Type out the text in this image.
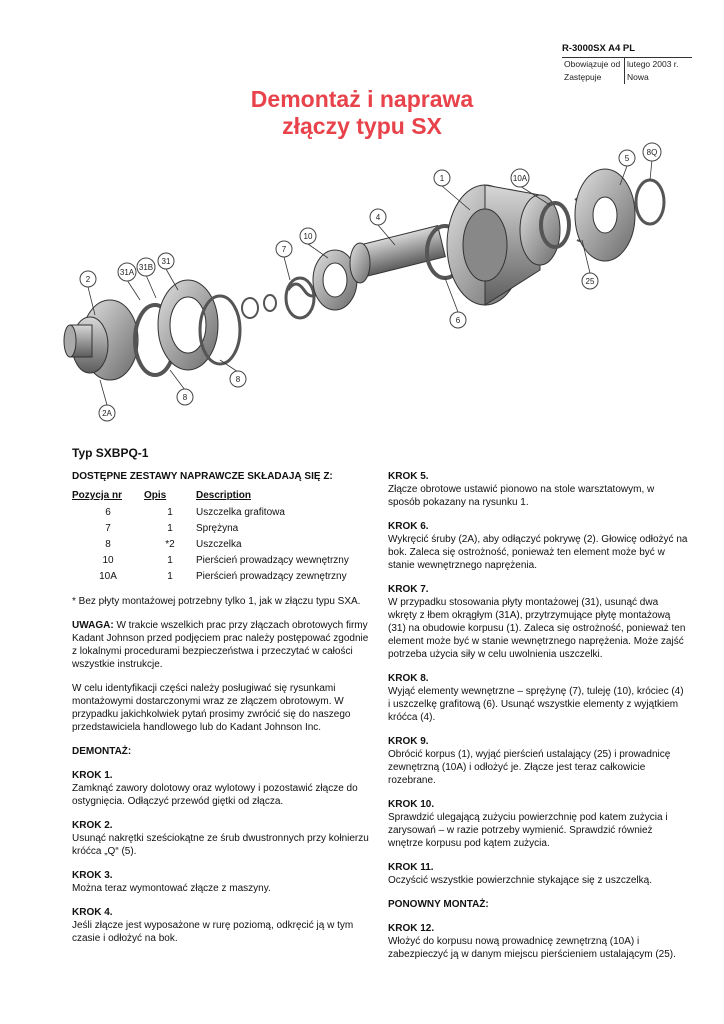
R-3000SX A4 PL
Obowiązuje od	lutego 2003 r.
Zastępuje	Nowa
Demontaż i naprawa
złączy typu SX
1
2
2A
4
5
6
7
8
8
8Q
10
10A
25
31
31A
31B
Typ SXBPQ-1
DOSTĘPNE ZESTAWY NAPRAWCZE SKŁADAJĄ SIĘ Z:
Pozycja nr	Opis	Description
6	1	Uszczelka grafitowa
7	1	Sprężyna
8	*2	Uszczelka
10	1	Pierścień prowadzący wewnętrzny
10A	1	Pierścień prowadzący zewnętrzny

* Bez płyty montażowej potrzebny tylko 1, jak w złączu typu SXA.

UWAGA: W trakcie wszelkich prac przy złączach obrotowych firmy Kadant Johnson przed podjęciem prac należy postępować zgodnie z lokalnymi procedurami bezpieczeństwa i przeczytać w całości wszystkie instrukcje.

W celu identyfikacji części należy posługiwać się rysunkami montażowymi dostarczonymi wraz ze złączem obrotowym. W przypadku jakichkolwiek pytań prosimy zwrócić się do naszego przedstawiciela handlowego lub do Kadant Johnson Inc.

DEMONTAŻ:

KROK 1.
Zamknąć zawory dolotowy oraz wylotowy i pozostawić złącze do ostygnięcia. Odłączyć przewód giętki od złącza.
KROK 2.
Usunąć nakrętki sześciokątne ze śrub dwustronnych przy kołnierzu króćca „Q“ (5).
KROK 3.
Można teraz wymontować złącze z maszyny.
KROK 4.
Jeśli złącze jest wyposażone w rurę poziomą, odkręcić ją w tym czasie i odłożyć na bok.
KROK 5.
Złącze obrotowe ustawić pionowo na stole warsztatowym, w sposób pokazany na rysunku 1.
KROK 6.
Wykręcić śruby (2A), aby odłączyć pokrywę (2). Głowicę odłożyć na bok. Zaleca się ostrożność, ponieważ ten element może być w stanie wewnętrznego naprężenia.
KROK 7.
W przypadku stosowania płyty montażowej (31), usunąć dwa wkręty z łbem okrągłym (31A), przytrzymujące płytę montażową (31) na obudowie korpusu (1). Zaleca się ostrożność, ponieważ ten element może być w stanie wewnętrznego naprężenia. Może zajść potrzeba użycia siły w celu uwolnienia uszczelki.
KROK 8.
Wyjąć elementy wewnętrzne – sprężynę (7), tuleję (10), króciec (4) i uszczelkę grafitową (6). Usunąć wszystkie elementy z wyjątkiem króćca (4).
KROK 9.
Obrócić korpus (1), wyjąć pierścień ustalający (25) i prowadnicę zewnętrzną (10A) i odłożyć je. Złącze jest teraz całkowicie rozebrane.
KROK 10.
Sprawdzić ulegającą zużyciu powierzchnię pod katem zużycia i zarysowań – w razie potrzeby wymienić. Sprawdzić również wnętrze korpusu pod kątem zużycia.
KROK 11.
Oczyścić wszystkie powierzchnie stykające się z uszczelką.

PONOWNY MONTAŻ:

KROK 12.
Włożyć do korpusu nową prowadnicę zewnętrzną (10A) i zabezpieczyć ją w danym miejscu pierścieniem ustalającym (25).
